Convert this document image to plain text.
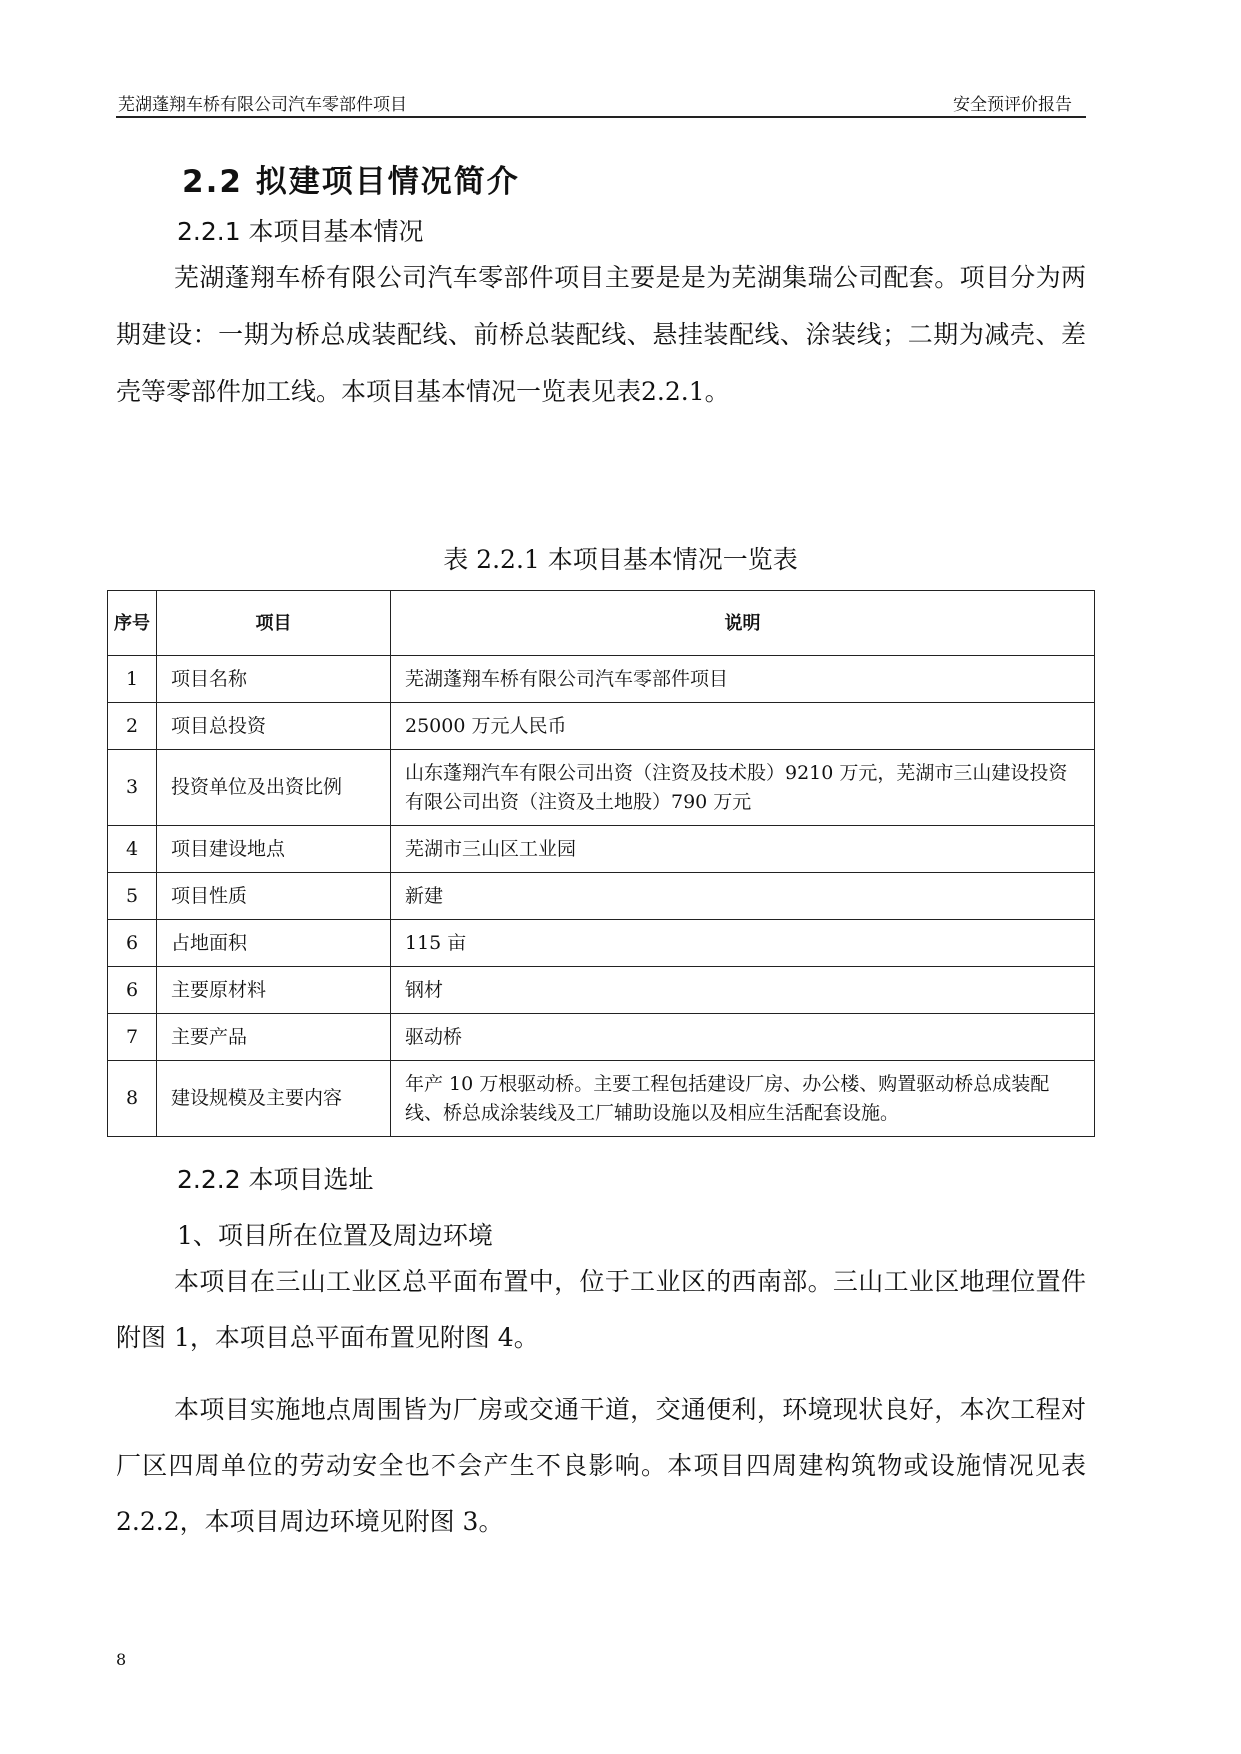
芜湖蓬翔车桥有限公司汽车零部件项目	安全预评价报告
2.2 拟建项目情况简介
2.2.1 本项目基本情况

芜湖蓬翔车桥有限公司汽车零部件项目主要是是为芜湖集瑞公司配套。项目分为两期建设：一期为桥总成装配线、前桥总装配线、悬挂装配线、涂装线；二期为减壳、差壳等零部件加工线。本项目基本情况一览表见表2.2.1。

表 2.2.1 本项目基本情况一览表
序号	项目	说明
1	项目名称	芜湖蓬翔车桥有限公司汽车零部件项目
2	项目总投资	25000 万元人民币
3	投资单位及出资比例	山东蓬翔汽车有限公司出资（注资及技术股）9210 万元，芜湖市三山建设投资有限公司出资（注资及土地股）790 万元
4	项目建设地点	芜湖市三山区工业园
5	项目性质	新建
6	占地面积	115 亩
6	主要原材料	钢材
7	主要产品	驱动桥
8	建设规模及主要内容	年产 10 万根驱动桥。主要工程包括建设厂房、办公楼、购置驱动桥总成装配线、桥总成涂装线及工厂辅助设施以及相应生活配套设施。
2.2.2 本项目选址
1、项目所在位置及周边环境

本项目在三山工业区总平面布置中，位于工业区的西南部。三山工业区地理位置件附图 1，本项目总平面布置见附图 4。

本项目实施地点周围皆为厂房或交通干道，交通便利，环境现状良好，本次工程对厂区四周单位的劳动安全也不会产生不良影响。本项目四周建构筑物或设施情况见表 2.2.2，本项目周边环境见附图 3。

8
